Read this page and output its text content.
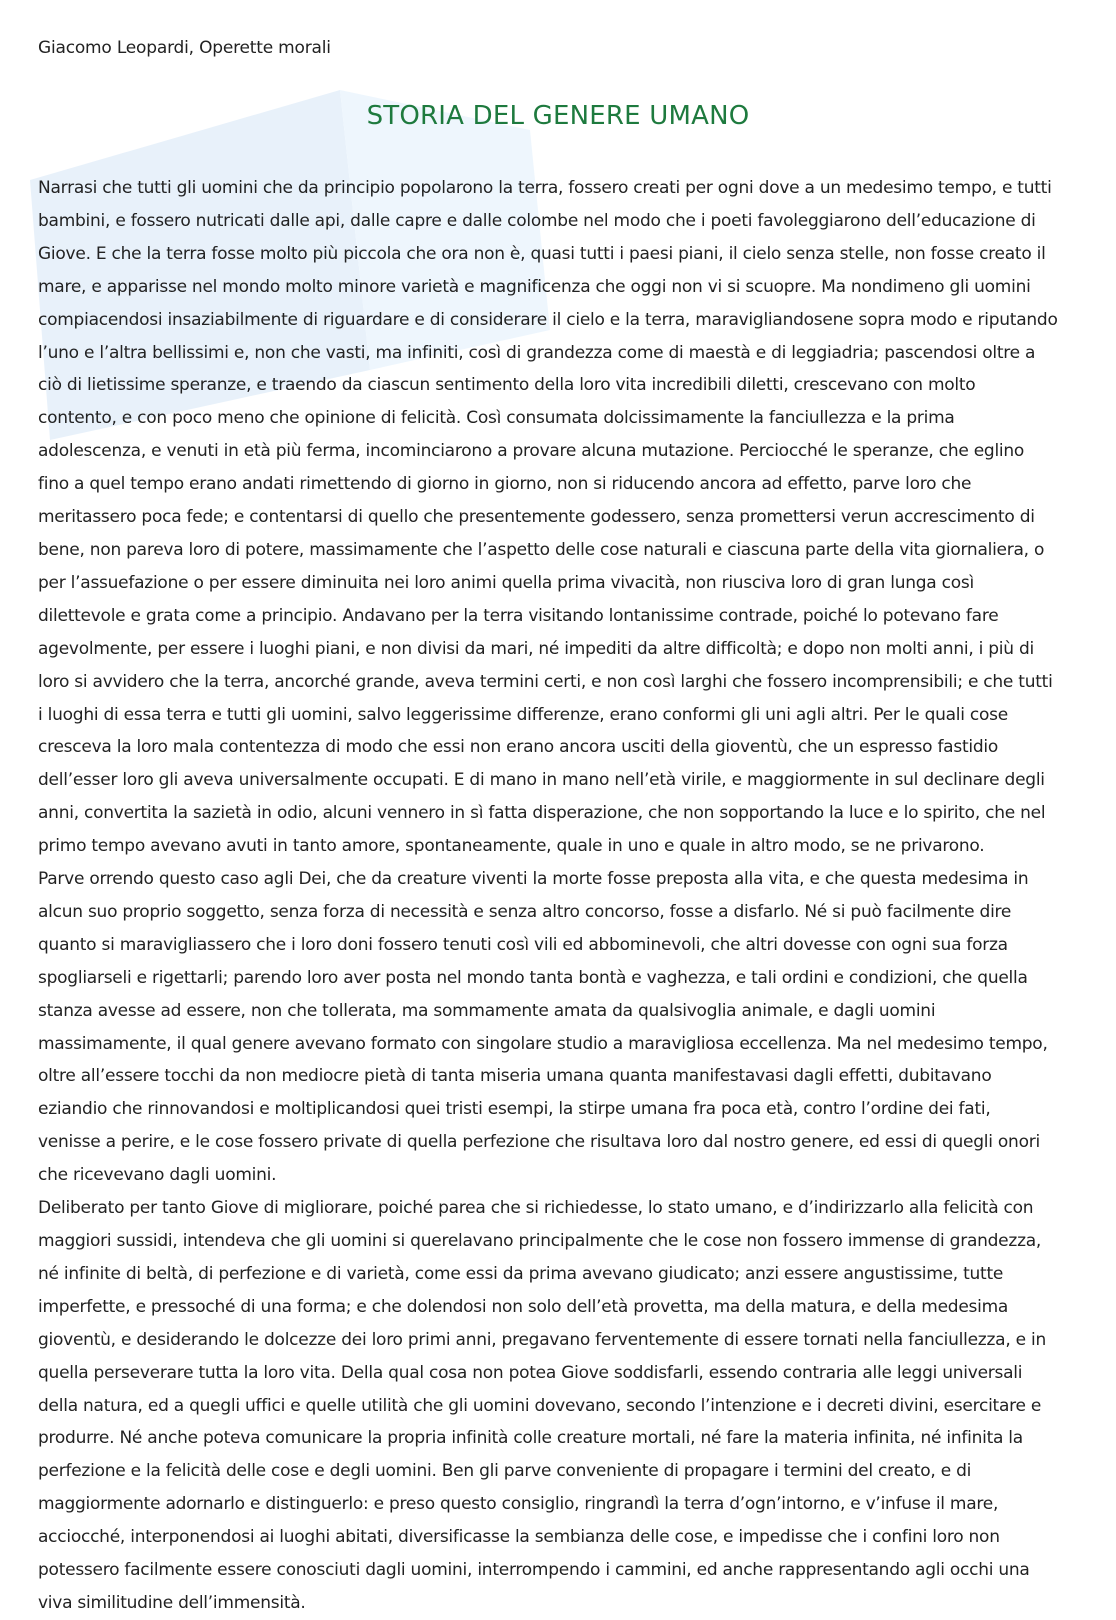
Giacomo Leopardi, Operette morali
STORIA DEL GENERE UMANO

Narrasi che tutti gli uomini che da principio popolarono la terra, fossero creati per ogni dove a un medesimo tempo, e tutti bambini, e fossero nutricati dalle api, dalle capre e dalle colombe nel modo che i poeti favoleggiarono dell’educazione di Giove. E che la terra fosse molto più piccola che ora non è, quasi tutti i paesi piani, il cielo senza stelle, non fosse creato il mare, e apparisse nel mondo molto minore varietà e magnificenza che oggi non vi si scuopre. Ma nondimeno gli uomini compiacendosi insaziabilmente di riguardare e di considerare il cielo e la terra, maravigliandosene sopra modo e riputando l’uno e l’altra bellissimi e, non che vasti, ma infiniti, così di grandezza come di maestà e di leggiadria; pascendosi oltre a ciò di lietissime speranze, e traendo da ciascun sentimento della loro vita incredibili diletti, crescevano con molto contento, e con poco meno che opinione di felicità. Così consumata dolcissimamente la fanciullezza e la prima adolescenza, e venuti in età più ferma, incominciarono a provare alcuna mutazione. Perciocché le speranze, che eglino fino a quel tempo erano andati rimettendo di giorno in giorno, non si riducendo ancora ad effetto, parve loro che meritassero poca fede; e contentarsi di quello che presentemente godessero, senza promettersi verun accrescimento di bene, non pareva loro di potere, massimamente che l’aspetto delle cose naturali e ciascuna parte della vita giornaliera, o per l’assuefazione o per essere diminuita nei loro animi quella prima vivacità, non riusciva loro di gran lunga così dilettevole e grata come a principio. Andavano per la terra visitando lontanissime contrade, poiché lo potevano fare agevolmente, per essere i luoghi piani, e non divisi da mari, né impediti da altre difficoltà; e dopo non molti anni, i più di loro si avvidero che la terra, ancorché grande, aveva termini certi, e non così larghi che fossero incomprensibili; e che tutti i luoghi di essa terra e tutti gli uomini, salvo leggerissime differenze, erano conformi gli uni agli altri. Per le quali cose cresceva la loro mala contentezza di modo che essi non erano ancora usciti della gioventù, che un espresso fastidio dell’esser loro gli aveva universalmente occupati. E di mano in mano nell’età virile, e maggiormente in sul declinare degli anni, convertita la sazietà in odio, alcuni vennero in sì fatta disperazione, che non sopportando la luce e lo spirito, che nel primo tempo avevano avuti in tanto amore, spontaneamente, quale in uno e quale in altro modo, se ne privarono.

Parve orrendo questo caso agli Dei, che da creature viventi la morte fosse preposta alla vita, e che questa medesima in alcun suo proprio soggetto, senza forza di necessità e senza altro concorso, fosse a disfarlo. Né si può facilmente dire quanto si maravigliassero che i loro doni fossero tenuti così vili ed abbominevoli, che altri dovesse con ogni sua forza spogliarseli e rigettarli; parendo loro aver posta nel mondo tanta bontà e vaghezza, e tali ordini e condizioni, che quella stanza avesse ad essere, non che tollerata, ma sommamente amata da qualsivoglia animale, e dagli uomini massimamente, il qual genere avevano formato con singolare studio a maravigliosa eccellenza. Ma nel medesimo tempo, oltre all’essere tocchi da non mediocre pietà di tanta miseria umana quanta manifestavasi dagli effetti, dubitavano eziandio che rinnovandosi e moltiplicandosi quei tristi esempi, la stirpe umana fra poca età, contro l’ordine dei fati, venisse a perire, e le cose fossero private di quella perfezione che risultava loro dal nostro genere, ed essi di quegli onori che ricevevano dagli uomini.

Deliberato per tanto Giove di migliorare, poiché parea che si richiedesse, lo stato umano, e d’indirizzarlo alla felicità con maggiori sussidi, intendeva che gli uomini si querelavano principalmente che le cose non fossero immense di grandezza, né infinite di beltà, di perfezione e di varietà, come essi da prima avevano giudicato; anzi essere angustissime, tutte imperfette, e pressoché di una forma; e che dolendosi non solo dell’età provetta, ma della matura, e della medesima gioventù, e desiderando le dolcezze dei loro primi anni, pregavano ferventemente di essere tornati nella fanciullezza, e in quella perseverare tutta la loro vita. Della qual cosa non potea Giove soddisfarli, essendo contraria alle leggi universali della natura, ed a quegli uffici e quelle utilità che gli uomini dovevano, secondo l’intenzione e i decreti divini, esercitare e produrre. Né anche poteva comunicare la propria infinità colle creature mortali, né fare la materia infinita, né infinita la perfezione e la felicità delle cose e degli uomini. Ben gli parve conveniente di propagare i termini del creato, e di maggiormente adornarlo e distinguerlo: e preso questo consiglio, ringrandì la terra d’ogn’intorno, e v’infuse il mare, acciocché, interponendosi ai luoghi abitati, diversificasse la sembianza delle cose, e impedisse che i confini loro non potessero facilmente essere conosciuti dagli uomini, interrompendo i cammini, ed anche rappresentando agli occhi una viva similitudine dell’immensità.
